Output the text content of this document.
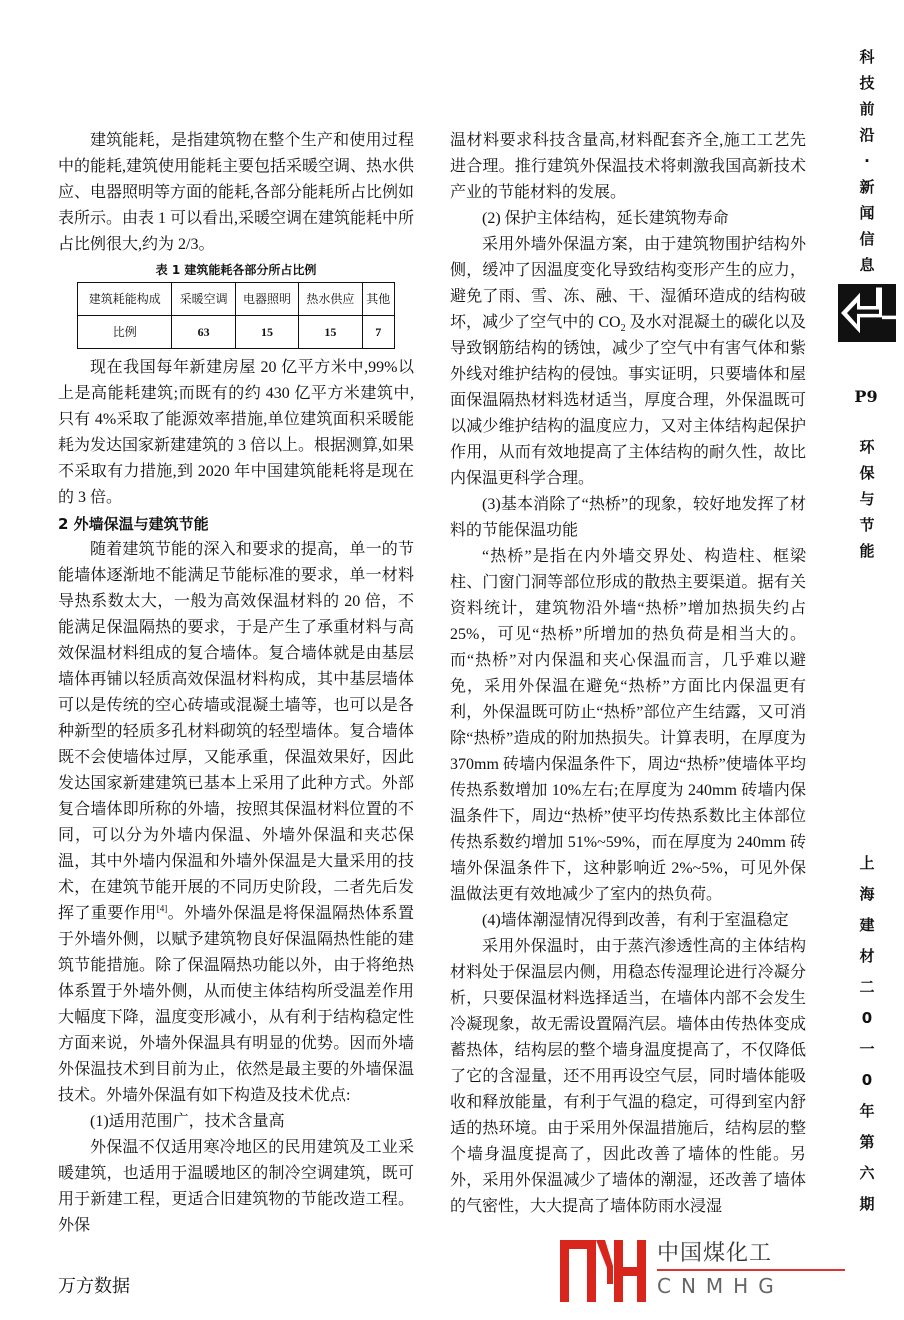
建筑能耗，是指建筑物在整个生产和使用过程中的能耗,建筑使用能耗主要包括采暖空调、热水供应、电器照明等方面的能耗,各部分能耗所占比例如表所示。由表 1 可以看出,采暖空调在建筑能耗中所占比例很大,约为 2/3。

表 1 建筑能耗各部分所占比例
建筑耗能构成	采暖空调	电器照明	热水供应	其他
比例	63	15	15	7

现在我国每年新建房屋 20 亿平方米中,99%以上是高能耗建筑;而既有的约 430 亿平方米建筑中,只有 4%采取了能源效率措施,单位建筑面积采暖能耗为发达国家新建建筑的 3 倍以上。根据测算,如果不采取有力措施,到 2020 年中国建筑能耗将是现在的 3 倍。

2 外墙保温与建筑节能

随着建筑节能的深入和要求的提高，单一的节能墙体逐渐地不能满足节能标准的要求，单一材料导热系数太大，一般为高效保温材料的 20 倍，不能满足保温隔热的要求，于是产生了承重材料与高效保温材料组成的复合墙体。复合墙体就是由基层墙体再铺以轻质高效保温材料构成，其中基层墙体可以是传统的空心砖墙或混凝土墙等，也可以是各种新型的轻质多孔材料砌筑的轻型墙体。复合墙体既不会使墙体过厚，又能承重，保温效果好，因此发达国家新建建筑已基本上采用了此种方式。外部复合墙体即所称的外墙，按照其保温材料位置的不同，可以分为外墙内保温、外墙外保温和夹芯保温，其中外墙内保温和外墙外保温是大量采用的技术，在建筑节能开展的不同历史阶段，二者先后发挥了重要作用[4]。外墙外保温是将保温隔热体系置于外墙外侧，以赋予建筑物良好保温隔热性能的建筑节能措施。除了保温隔热功能以外，由于将绝热体系置于外墙外侧，从而使主体结构所受温差作用大幅度下降，温度变形减小，从有利于结构稳定性方面来说，外墙外保温具有明显的优势。因而外墙外保温技术到目前为止，依然是最主要的外墙保温技术。外墙外保温有如下构造及技术优点:

(1)适用范围广，技术含量高

外保温不仅适用寒冷地区的民用建筑及工业采暖建筑，也适用于温暖地区的制冷空调建筑，既可用于新建工程，更适合旧建筑物的节能改造工程。外保

温材料要求科技含量高,材料配套齐全,施工工艺先进合理。推行建筑外保温技术将刺激我国高新技术产业的节能材料的发展。

(2) 保护主体结构，延长建筑物寿命

采用外墙外保温方案，由于建筑物围护结构外侧，缓冲了因温度变化导致结构变形产生的应力，避免了雨、雪、冻、融、干、湿循环造成的结构破坏，减少了空气中的 $CO_2$ 及水对混凝土的碳化以及导致钢筋结构的锈蚀，减少了空气中有害气体和紫外线对维护结构的侵蚀。事实证明，只要墙体和屋面保温隔热材料选材适当，厚度合理，外保温既可以减少维护结构的温度应力，又对主体结构起保护作用，从而有效地提高了主体结构的耐久性，故比内保温更科学合理。

(3)基本消除了“热桥”的现象，较好地发挥了材料的节能保温功能

“热桥”是指在内外墙交界处、构造柱、框梁柱、门窗门洞等部位形成的散热主要渠道。据有关资料统计，建筑物沿外墙“热桥”增加热损失约占 25%，可见“热桥”所增加的热负荷是相当大的。而“热桥”对内保温和夹心保温而言，几乎难以避免，采用外保温在避免“热桥”方面比内保温更有利，外保温既可防止“热桥”部位产生结露，又可消除“热桥”造成的附加热损失。计算表明，在厚度为 370mm 砖墙内保温条件下，周边“热桥”使墙体平均传热系数增加 10%左右;在厚度为 240mm 砖墙内保温条件下，周边“热桥”使平均传热系数比主体部位传热系数约增加 51%~59%，而在厚度为 240mm 砖墙外保温条件下，这种影响近 2%~5%，可见外保温做法更有效地减少了室内的热负荷。

(4)墙体潮湿情况得到改善，有利于室温稳定

采用外保温时，由于蒸汽渗透性高的主体结构材料处于保温层内侧，用稳态传湿理论进行冷凝分析，只要保温材料选择适当，在墙体内部不会发生冷凝现象，故无需设置隔汽层。墙体由传热体变成蓄热体，结构层的整个墙身温度提高了，不仅降低了它的含湿量，还不用再设空气层，同时墙体能吸收和释放能量，有利于气温的稳定，可得到室内舒适的热环境。由于采用外保温措施后，结构层的整个墙身温度提高了，因此改善了墙体的性能。另外，采用外保温减少了墙体的潮湿，还改善了墙体的气密性，大大提高了墙体防雨水浸湿

科
技
前
沿
·
新
闻
信
息
P9
环
保
与
节
能
上
海
建
材
二
0
一
0
年
第
六
期
中国煤化工
CNMHG
万方数据
